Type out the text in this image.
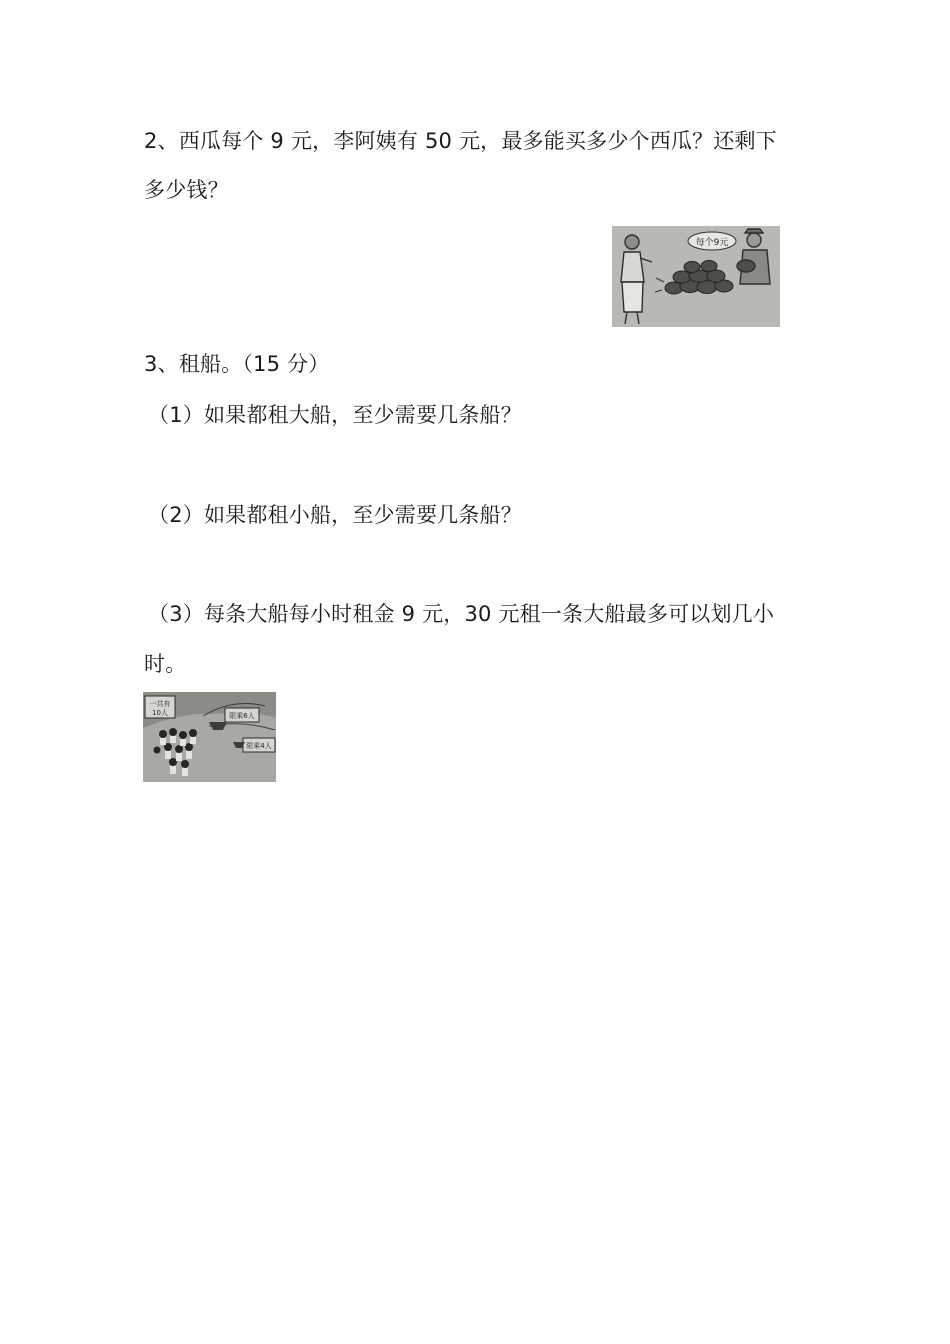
2、西瓜每个 9 元，李阿姨有 50 元，最多能买多少个西瓜？还剩下
多少钱？
每个9元
3、租船。（15 分）
（1）如果都租大船，至少需要几条船？
（2）如果都租小船，至少需要几条船？
（3）每条大船每小时租金 9 元，30 元租一条大船最多可以划几小
时。
一共有
10人	限乘6人
限乘4人
